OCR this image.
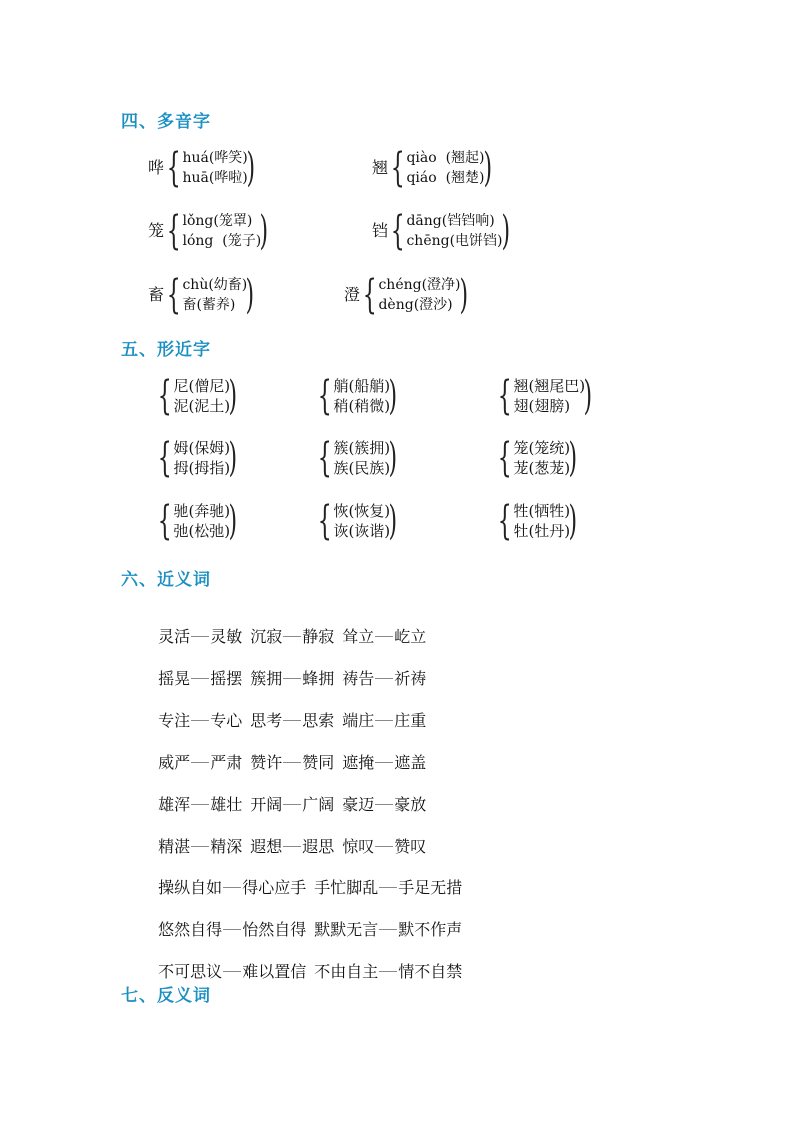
四、多音字
哗 { huá(哗笑)
huā(哗啦)
)	翘 { qiào  (翘起)
qiáo  (翘楚)
)
笼 { lǒng(笼罩)
lóng  (笼子)
)	铛 { dāng(铛铛响)
chēng(电饼铛)
)
畜 { chù(幼畜)
畜(蓄养) )	澄 { chéng(澄净)
dèng(澄沙) )
五、形近字
{ 尼(僧尼)
泥(泥土)
) { 艄(船艄)
稍(稍微)
)	{ 翘(翘尾巴)
翅(翅膀) )
{ 姆(保姆)
拇(拇指)
) { 簇(簇拥)
族(民族)
)	{ 笼(笼统)
茏(葱茏)
)
{ 驰(奔驰)
弛(松弛)
) { 恢(恢复)
诙(诙谐)
)	{ 牲(牺牲)
牡(牡丹)
)
六、近义词

灵活 灵敏 沉寂 静寂 耸立 屹立

摇晃 摇摆 簇拥 蜂拥 祷告 祈祷

专注 专心 思考 思索 端庄 庄重

威严 严肃 赞许 赞同 遮掩 遮盖

雄浑 雄壮 开阔 广阔 豪迈 豪放

精湛 精深 遐想 遐思 惊叹 赞叹

操纵自如 得心应手 手忙脚乱 手足无措

悠然自得 怡然自得 默默无言 默不作声

不可思议 难以置信 不由自主 情不自禁

七、反义词
